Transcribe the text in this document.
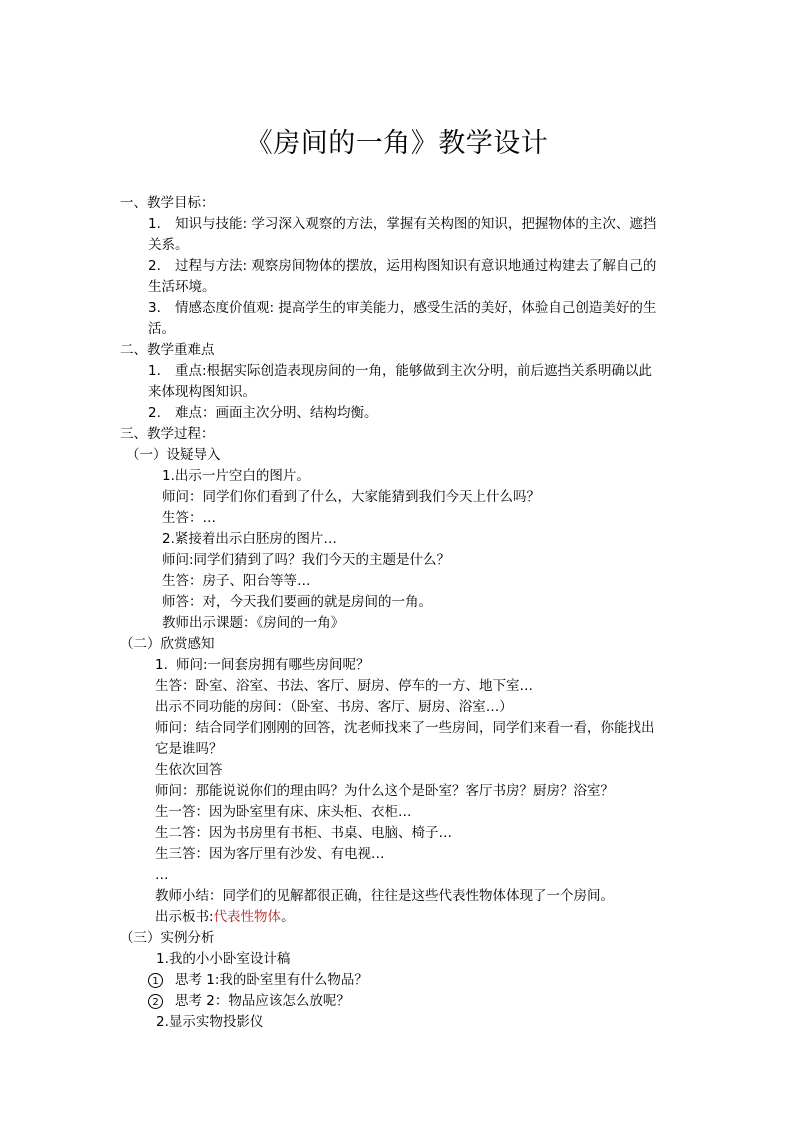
《房间的一角》教学设计
一、教学目标：
1. 知识与技能: 学习深入观察的方法，掌握有关构图的知识，把握物体的主次、遮挡
关系。
2. 过程与方法: 观察房间物体的摆放，运用构图知识有意识地通过构建去了解自己的
生活环境。
3. 情感态度价值观: 提高学生的审美能力，感受生活的美好，体验自己创造美好的生
活。
二、教学重难点
1. 重点:根据实际创造表现房间的一角，能够做到主次分明，前后遮挡关系明确以此
来体现构图知识。
2. 难点：画面主次分明、结构均衡。
三、教学过程：
（一）设疑导入
1.出示一片空白的图片。
师问：同学们你们看到了什么，大家能猜到我们今天上什么吗？
生答：…
2.紧接着出示白胚房的图片…
师问:同学们猜到了吗？我们今天的主题是什么？
生答：房子、阳台等等…
师答：对，今天我们要画的就是房间的一角。
教师出示课题：《房间的一角》
（二）欣赏感知
1. 师问:一间套房拥有哪些房间呢？
生答：卧室、浴室、书法、客厅、厨房、停车的一方、地下室…
出示不同功能的房间：（卧室、书房、客厅、厨房、浴室…）
师问：结合同学们刚刚的回答，沈老师找来了一些房间，同学们来看一看，你能找出
它是谁吗？
生依次回答
师问：那能说说你们的理由吗？为什么这个是卧室？客厅书房？厨房？浴室？
生一答：因为卧室里有床、床头柜、衣柜…
生二答：因为书房里有书柜、书桌、电脑、椅子…
生三答：因为客厅里有沙发、有电视…
…
教师小结：同学们的见解都很正确，往往是这些代表性物体体现了一个房间。
出示板书:代表性物体。
（三）实例分析
1.我的小小卧室设计稿
1 思考 1:我的卧室里有什么物品？
2 思考 2：物品应该怎么放呢？
2.显示实物投影仪
